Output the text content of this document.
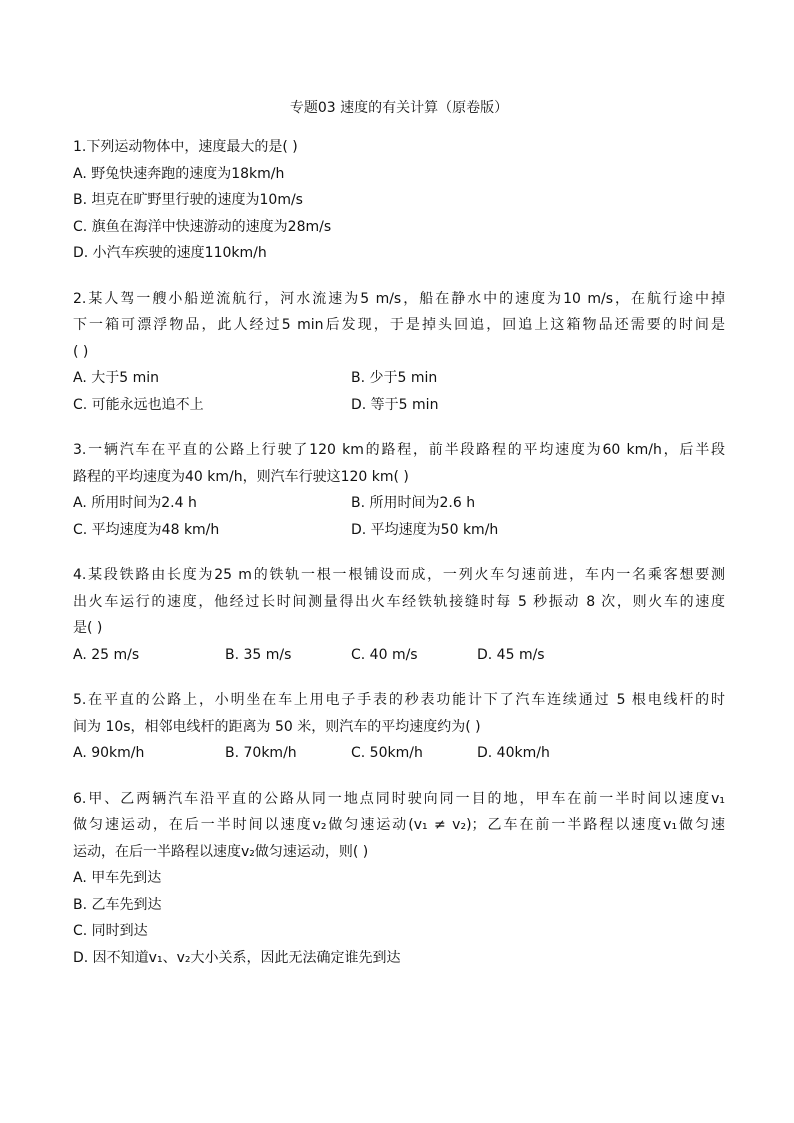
专题03 速度的有关计算（原卷版）
1.下列运动物体中，速度最大的是( )
A. 野兔快速奔跑的速度为18km/h
B. 坦克在旷野里行驶的速度为10m/s
C. 旗鱼在海洋中快速游动的速度为28m/s
D. 小汽车疾驶的速度110km/h
2.某人驾一艘小船逆流航行，河水流速为5 m/s，船在静水中的速度为10 m/s，在航行途中掉
下一箱可漂浮物品，此人经过5 min后发现，于是掉头回追，回追上这箱物品还需要的时间是
( )
A. 大于5 min	B. 少于5 min
C. 可能永远也追不上	D. 等于5 min
3.一辆汽车在平直的公路上行驶了120 km的路程，前半段路程的平均速度为60 km/h，后半段
路程的平均速度为40 km/h，则汽车行驶这120 km( )
A. 所用时间为2.4 h	B. 所用时间为2.6 h
C. 平均速度为48 km/h	D. 平均速度为50 km/h
4.某段铁路由长度为25 m的铁轨一根一根铺设而成，一列火车匀速前进，车内一名乘客想要测
出火车运行的速度，他经过长时间测量得出火车经铁轨接缝时每 5 秒振动 8 次，则火车的速度
是( )
A. 25 m/s	B. 35 m/s	C. 40 m/s	D. 45 m/s
5.在平直的公路上，小明坐在车上用电子手表的秒表功能计下了汽车连续通过 5 根电线杆的时
间为 10s，相邻电线杆的距离为 50 米，则汽车的平均速度约为( )
A. 90km/h	B. 70km/h	C. 50km/h	D. 40km/h
6.甲、乙两辆汽车沿平直的公路从同一地点同时驶向同一目的地，甲车在前一半时间以速度v₁
做匀速运动，在后一半时间以速度v₂做匀速运动(v₁ ≠ v₂)；乙车在前一半路程以速度v₁做匀速
运动，在后一半路程以速度v₂做匀速运动，则( )
A. 甲车先到达
B. 乙车先到达
C. 同时到达
D. 因不知道v₁、v₂大小关系，因此无法确定谁先到达
